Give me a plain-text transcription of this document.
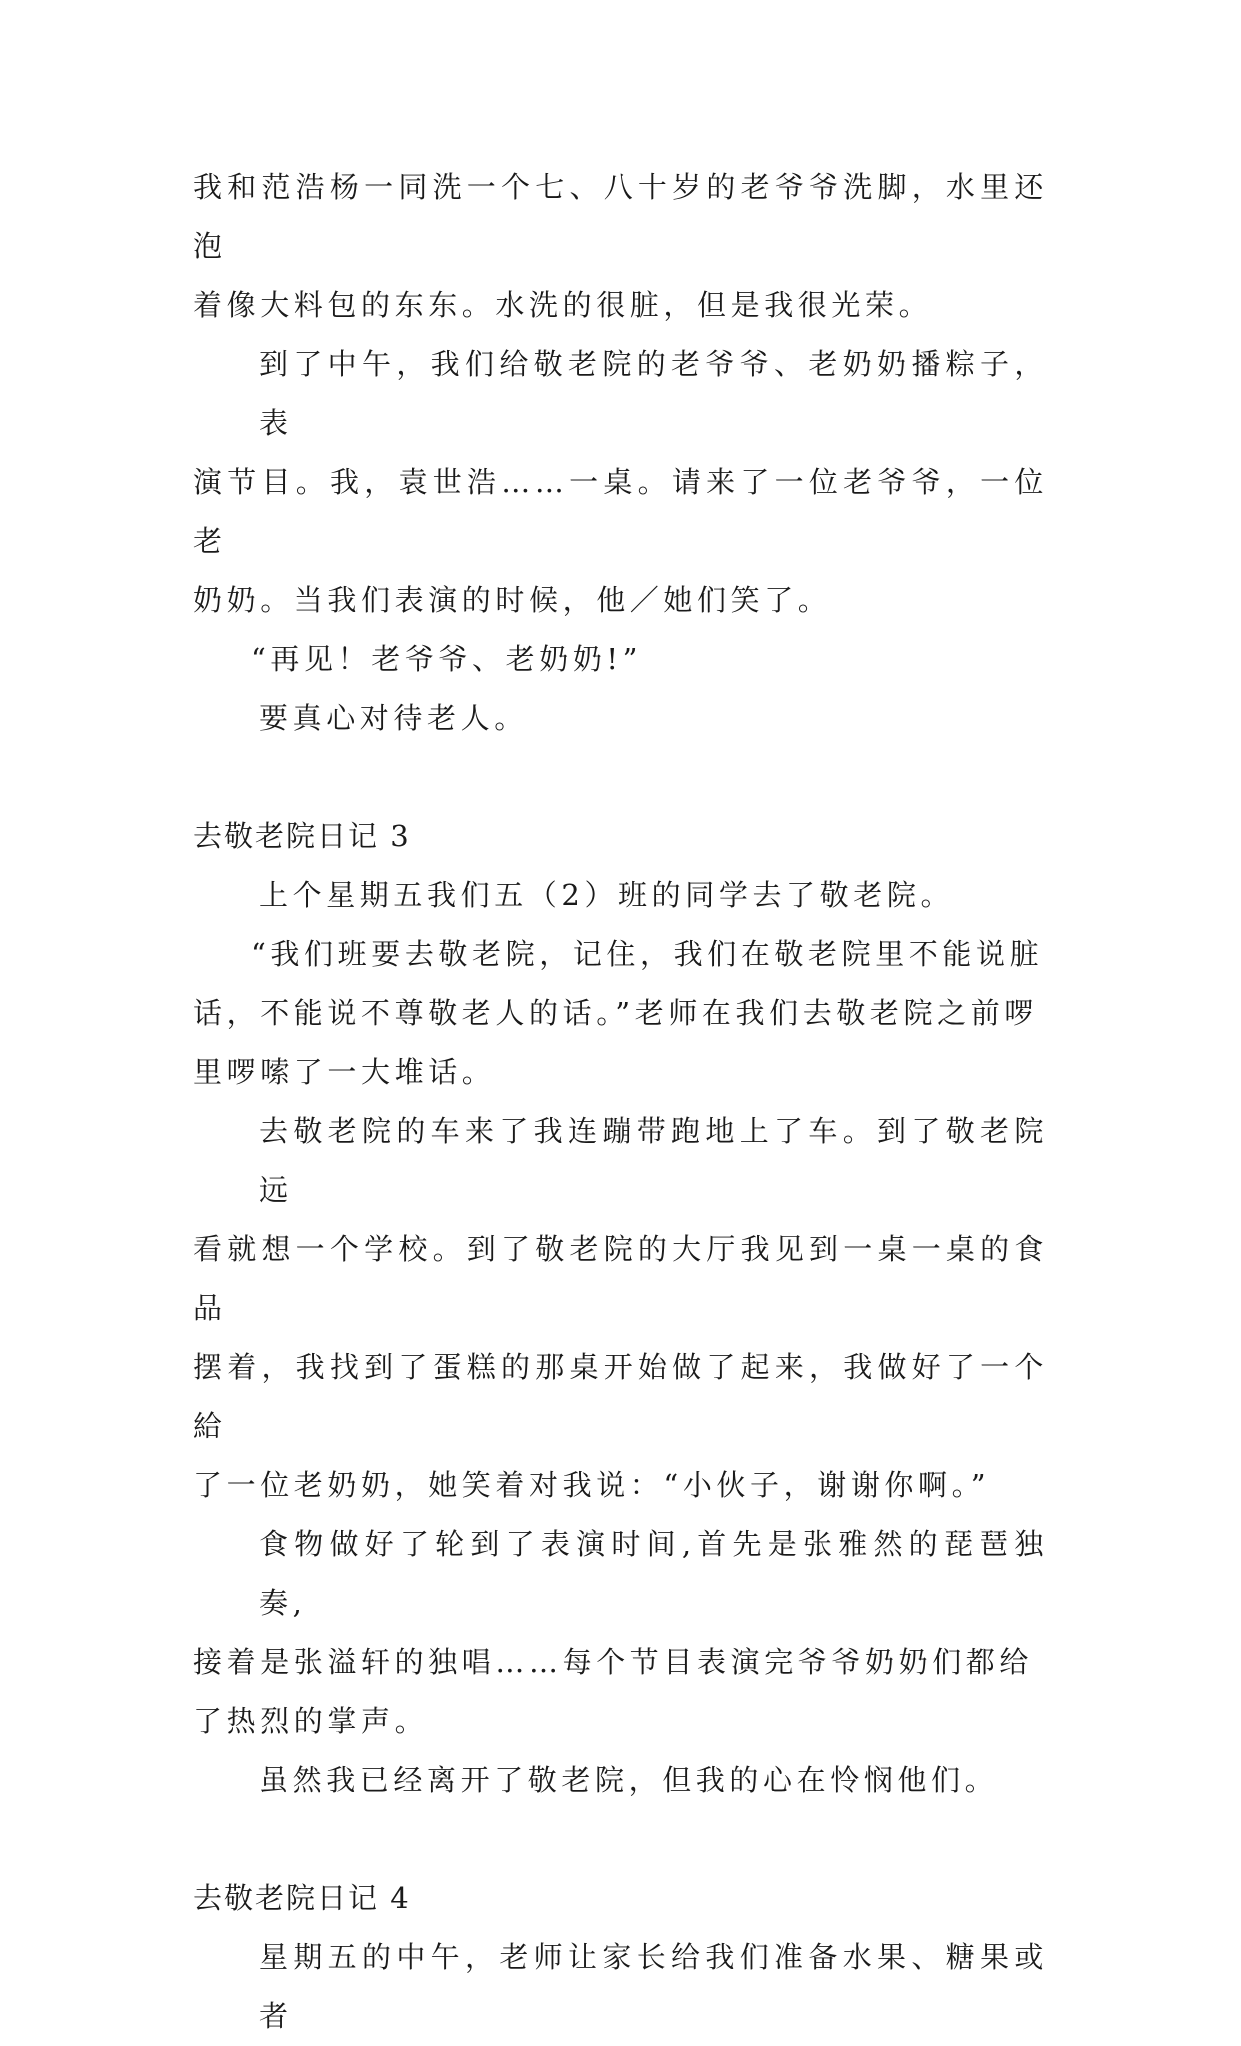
我和范浩杨一同洗一个七、八十岁的老爷爷洗脚，水里还泡
着像大料包的东东。水洗的很脏，但是我很光荣。
到了中午，我们给敬老院的老爷爷、老奶奶播粽子，表
演节目。我，袁世浩……一桌。请来了一位老爷爷，一位老
奶奶。当我们表演的时候，他／她们笑了。
“再见！老爷爷、老奶奶!”
要真心对待老人。
去敬老院日记 3
上个星期五我们五（2）班的同学去了敬老院。
“我们班要去敬老院，记住，我们在敬老院里不能说脏
话，不能说不尊敬老人的话。”老师在我们去敬老院之前啰
里啰嗦了一大堆话。
去敬老院的车来了我连蹦带跑地上了车。到了敬老院远
看就想一个学校。到了敬老院的大厅我见到一桌一桌的食品
摆着，我找到了蛋糕的那桌开始做了起来，我做好了一个給
了一位老奶奶，她笑着对我说：“小伙子，谢谢你啊。”
食物做好了轮到了表演时间,首先是张雅然的琵琶独奏,
接着是张溢轩的独唱……每个节目表演完爷爷奶奶们都给
了热烈的掌声。
虽然我已经离开了敬老院，但我的心在怜悯他们。
去敬老院日记 4
星期五的中午，老师让家长给我们准备水果、糖果或者
